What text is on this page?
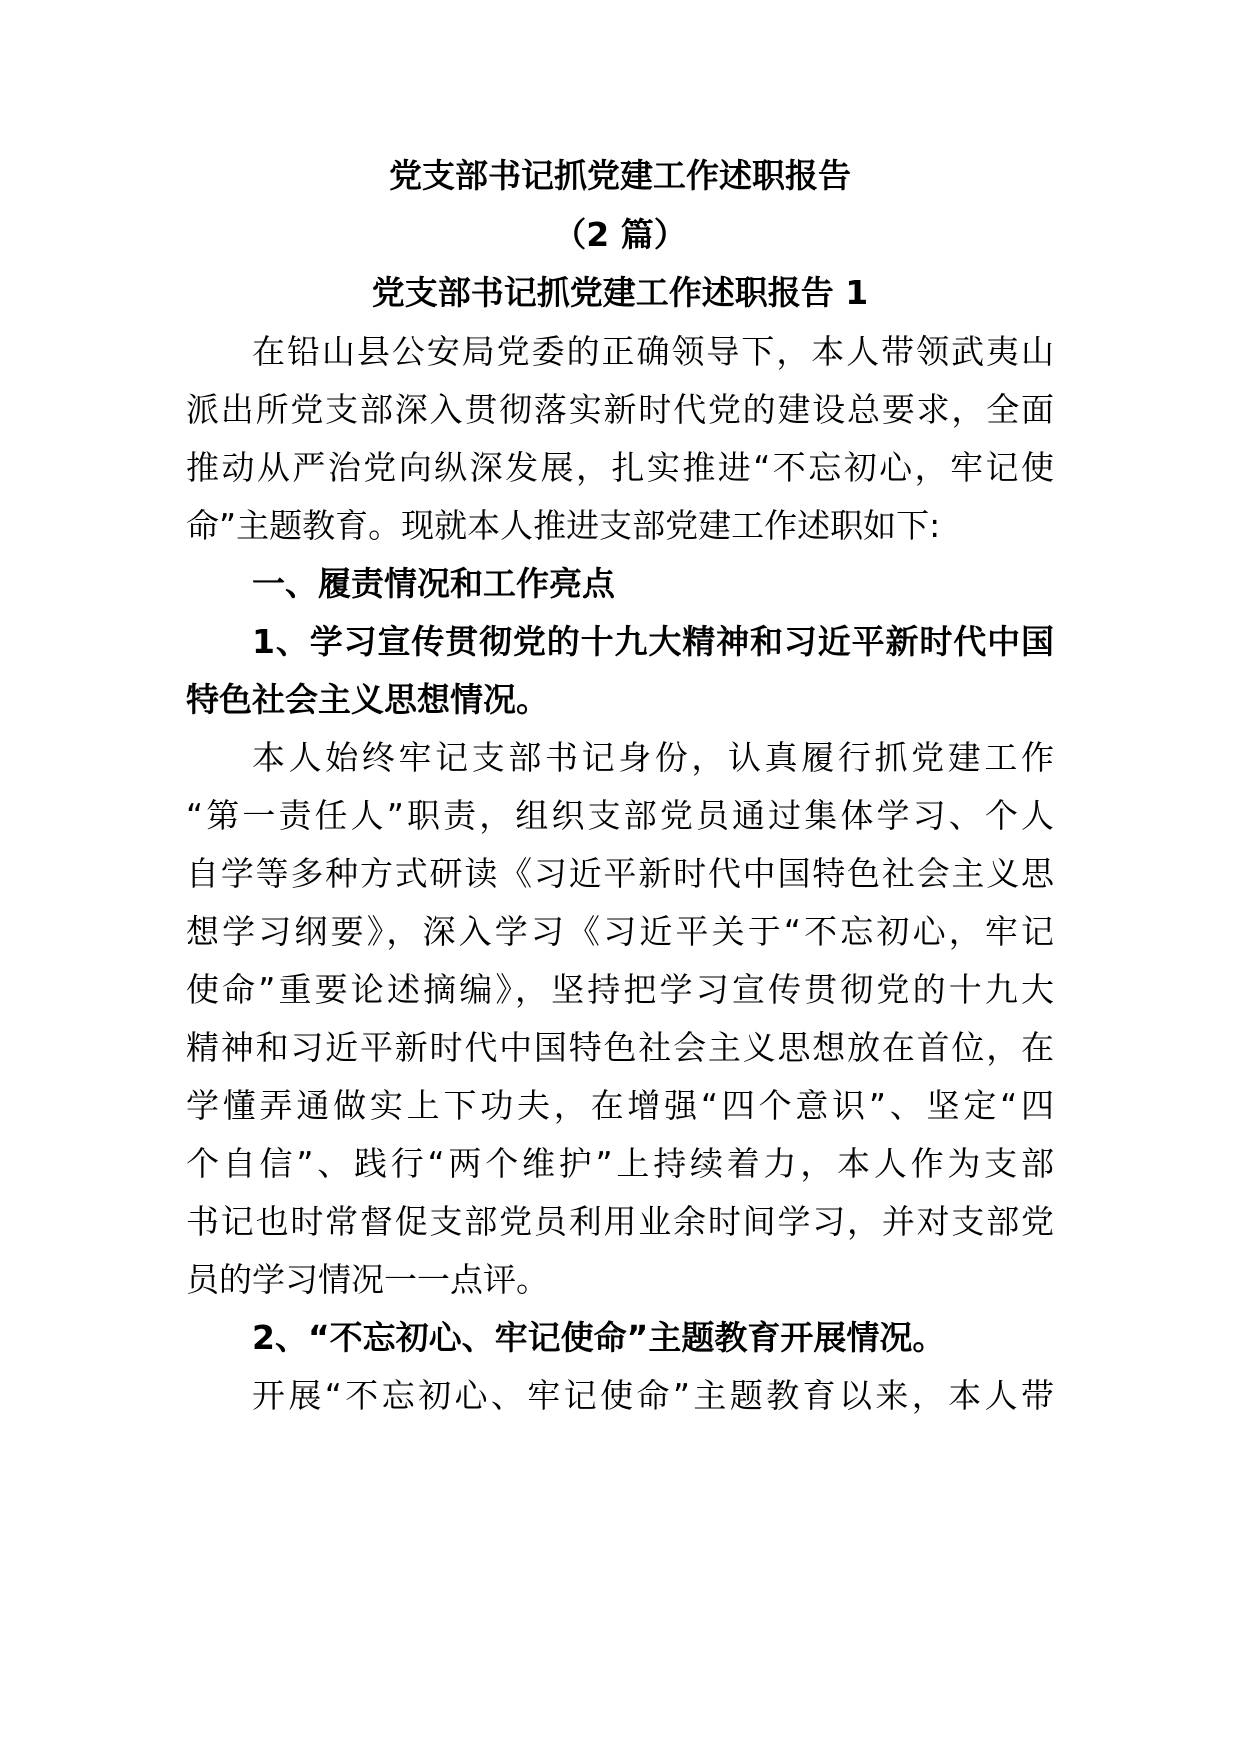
党支部书记抓党建工作述职报告
（2 篇）
党支部书记抓党建工作述职报告 1
在铅山县公安局党委的正确领导下，本人带领武夷山
派出所党支部深入贯彻落实新时代党的建设总要求，全面
推动从严治党向纵深发展，扎实推进“不忘初心，牢记使
命”主题教育。现就本人推进支部党建工作述职如下:
一、履责情况和工作亮点
1、学习宣传贯彻党的十九大精神和习近平新时代中国
特色社会主义思想情况。
本人始终牢记支部书记身份，认真履行抓党建工作
“第一责任人”职责，组织支部党员通过集体学习、个人
自学等多种方式研读《习近平新时代中国特色社会主义思
想学习纲要》，深入学习《习近平关于“不忘初心，牢记
使命”重要论述摘编》，坚持把学习宣传贯彻党的十九大
精神和习近平新时代中国特色社会主义思想放在首位，在
学懂弄通做实上下功夫，在增强“四个意识”、坚定“四
个自信”、践行“两个维护”上持续着力，本人作为支部
书记也时常督促支部党员利用业余时间学习，并对支部党
员的学习情况一一点评。
2、“不忘初心、牢记使命”主题教育开展情况。
开展“不忘初心、牢记使命”主题教育以来，本人带
